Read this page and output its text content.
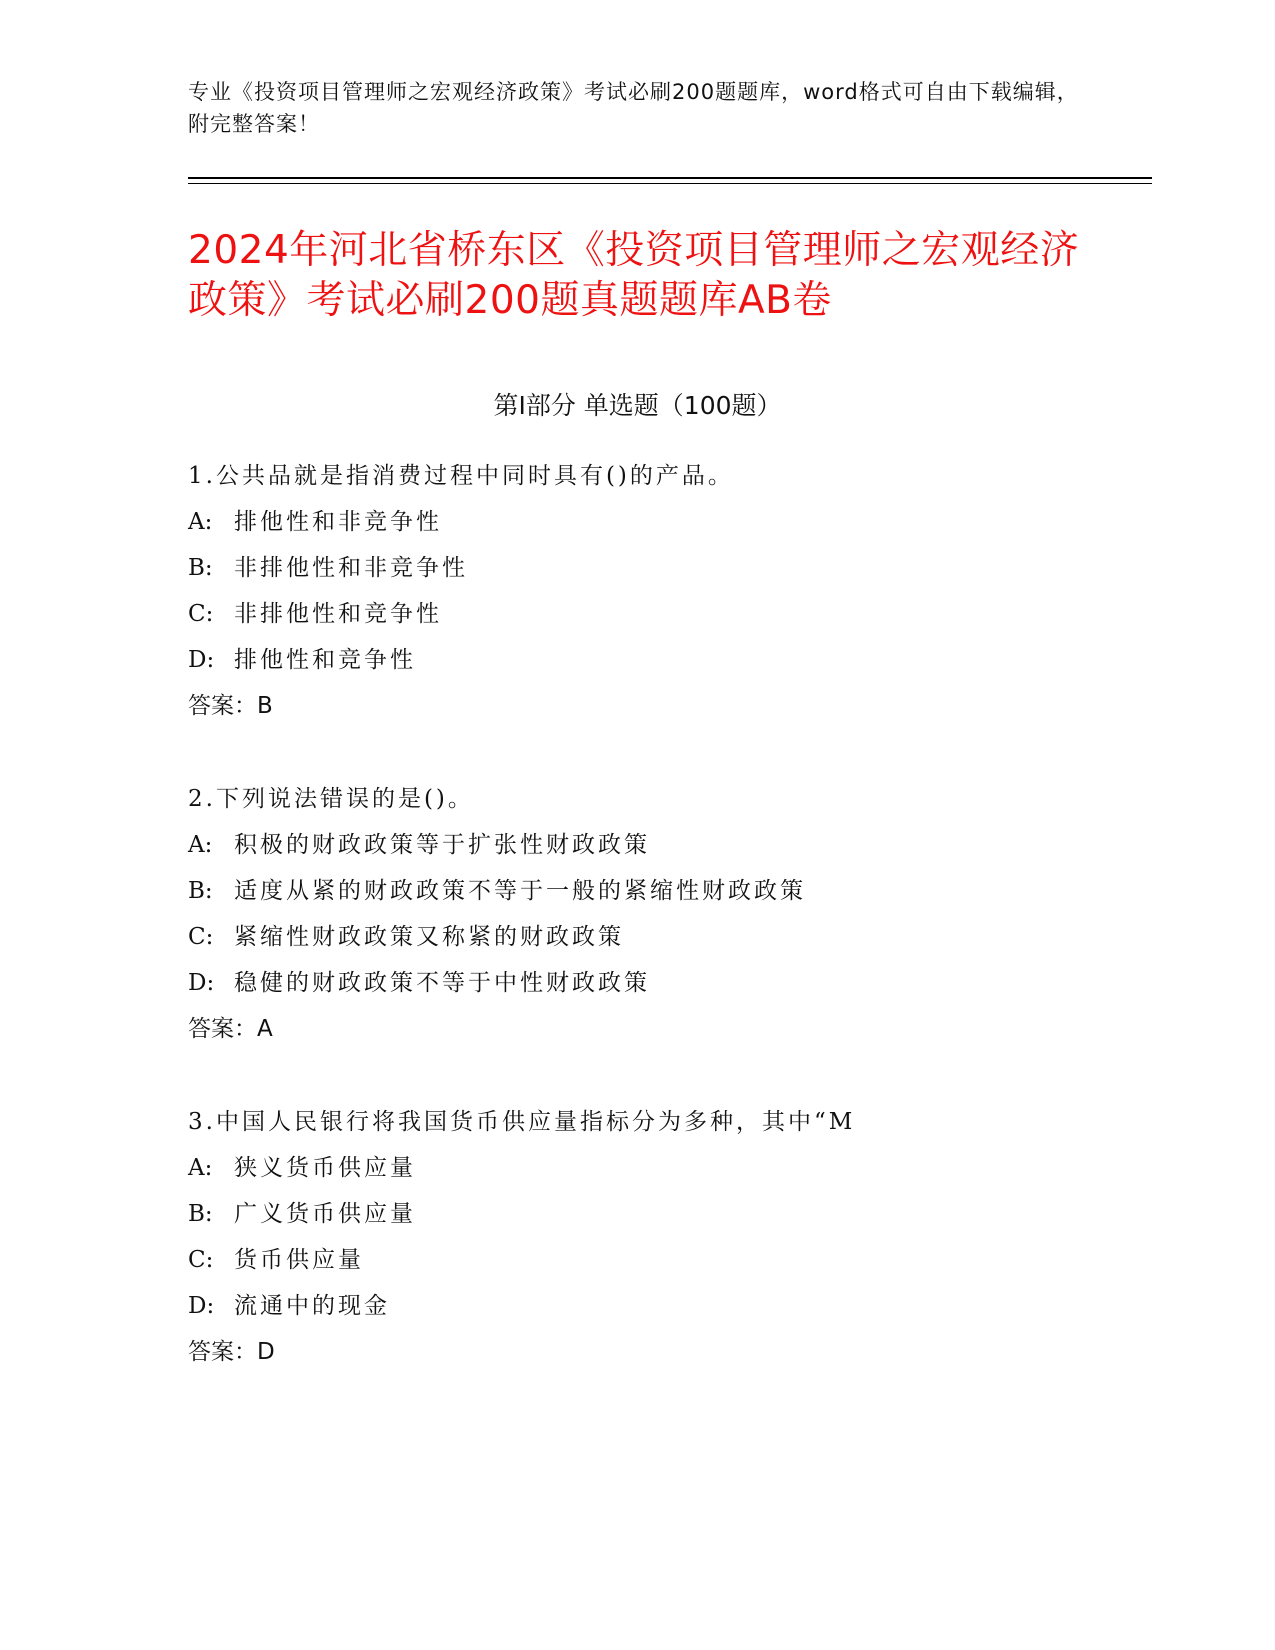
专业《投资项目管理师之宏观经济政策》考试必刷200题题库，word格式可自由下载编辑，附完整答案！
2024年河北省桥东区《投资项目管理师之宏观经济政策》考试必刷200题真题题库AB卷
第Ⅰ部分 单选题（100题）
1.公共品就是指消费过程中同时具有()的产品。
A: 排他性和非竞争性
B: 非排他性和非竞争性
C: 非排他性和竞争性
D: 排他性和竞争性
答案：B
2.下列说法错误的是()。
A: 积极的财政政策等于扩张性财政政策
B: 适度从紧的财政政策不等于一般的紧缩性财政政策
C: 紧缩性财政政策又称紧的财政政策
D: 稳健的财政政策不等于中性财政政策
答案：A
3.中国人民银行将我国货币供应量指标分为多种，其中“M
A: 狭义货币供应量
B: 广义货币供应量
C: 货币供应量
D: 流通中的现金
答案：D
